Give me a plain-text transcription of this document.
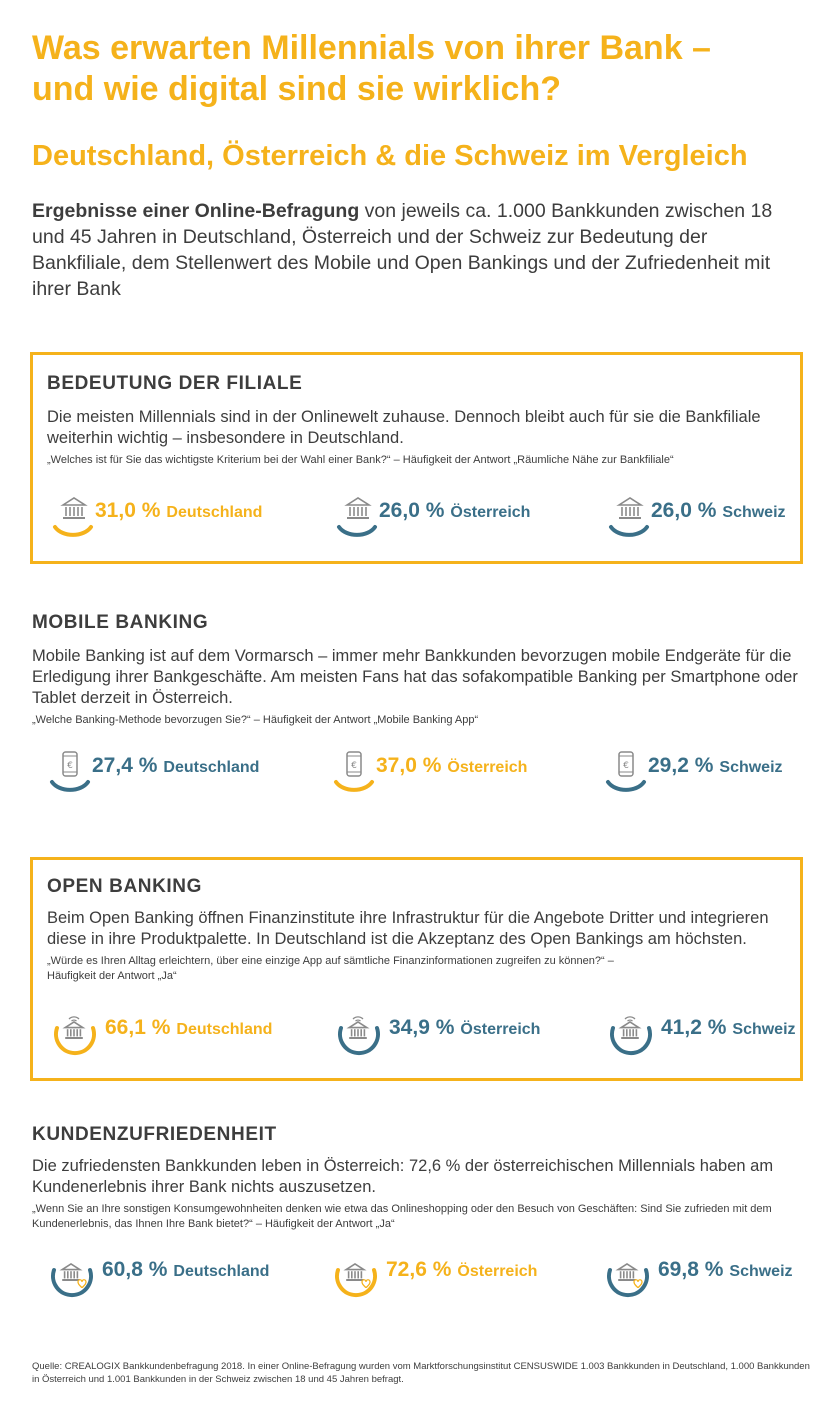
Was erwarten Millennials von ihrer Bank –
und wie digital sind sie wirklich?
Deutschland, Österreich & die Schweiz im Vergleich

Ergebnisse einer Online-Befragung von jeweils ca. 1.000 Bankkunden zwischen 18 und 45 Jahren in Deutschland, Österreich und der Schweiz zur Bedeutung der Bankfiliale, dem Stellenwert des Mobile und Open Bankings und der Zufriedenheit mit ihrer Bank

BEDEUTUNG DER FILIALE

Die meisten Millennials sind in der Onlinewelt zuhause. Dennoch bleibt auch für sie die Bankfiliale weiterhin wichtig – insbesondere in Deutschland.

„Welches ist für Sie das wichtigste Kriterium bei der Wahl einer Bank?“ – Häufigkeit der Antwort „Räumliche Nähe zur Bankfiliale“

31,0 % Deutschland	26,0 % Österreich	26,0 % Schweiz
MOBILE BANKING

Mobile Banking ist auf dem Vormarsch – immer mehr Bankkunden bevorzugen mobile Endgeräte für die Erledigung ihrer Bankgeschäfte. Am meisten Fans hat das sofakompatible Banking per Smartphone oder Tablet derzeit in Österreich.

„Welche Banking-Methode bevorzugen Sie?“ – Häufigkeit der Antwort „Mobile Banking App“

€ 27,4 % Deutschland	€ 37,0 % Österreich	€ 29,2 % Schweiz
OPEN BANKING

Beim Open Banking öffnen Finanzinstitute ihre Infrastruktur für die Angebote Dritter und integrieren diese in ihre Produktpalette. In Deutschland ist die Akzeptanz des Open Bankings am höchsten.

„Würde es Ihren Alltag erleichtern, über eine einzige App auf sämtliche Finanzinformationen zugreifen zu können?“ –
Häufigkeit der Antwort „Ja“

66,1 % Deutschland	34,9 % Österreich	41,2 % Schweiz
KUNDENZUFRIEDENHEIT

Die zufriedensten Bankkunden leben in Österreich: 72,6 % der österreichischen Millennials haben am Kundenerlebnis ihrer Bank nichts auszusetzen.

„Wenn Sie an Ihre sonstigen Konsumgewohnheiten denken wie etwa das Onlineshopping oder den Besuch von Geschäften: Sind Sie zufrieden mit dem Kundenerlebnis, das Ihnen Ihre Bank bietet?“ – Häufigkeit der Antwort „Ja“

60,8 % Deutschland	72,6 % Österreich	69,8 % Schweiz

Quelle: CREALOGIX Bankkundenbefragung 2018. In einer Online-Befragung wurden vom Marktforschungsinstitut CENSUSWIDE 1.003 Bankkunden in Deutschland, 1.000 Bankkunden in Österreich und 1.001 Bankkunden in der Schweiz zwischen 18 und 45 Jahren befragt.
